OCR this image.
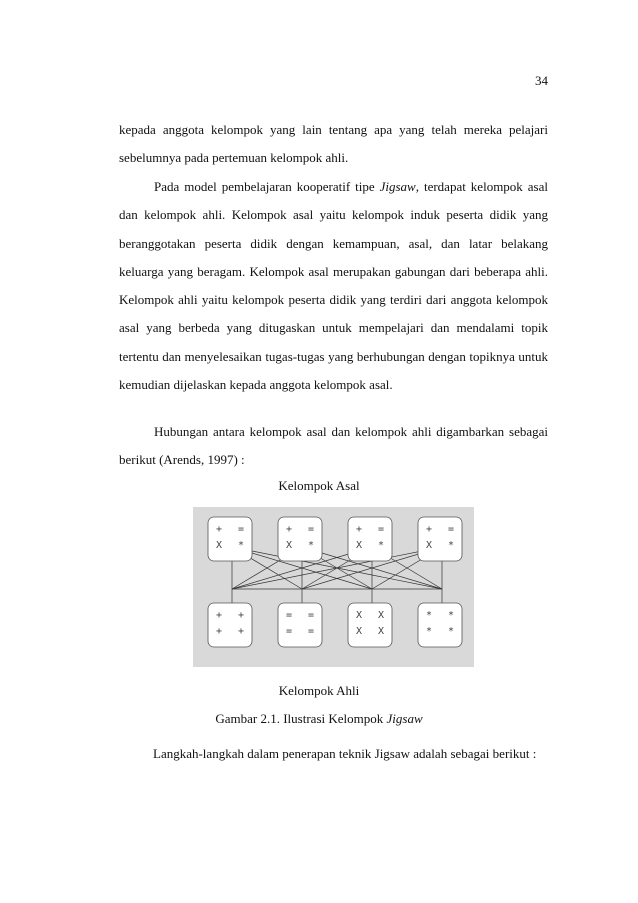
34
kepada anggota kelompok yang lain tentang apa yang telah mereka pelajari
sebelumnya pada pertemuan kelompok ahli.
Pada model pembelajaran kooperatif tipe Jigsaw, terdapat kelompok asal
dan kelompok ahli. Kelompok asal yaitu kelompok induk peserta didik yang
beranggotakan peserta didik dengan kemampuan, asal, dan latar belakang
keluarga yang beragam. Kelompok asal merupakan gabungan dari beberapa ahli.
Kelompok ahli yaitu kelompok peserta didik yang terdiri dari anggota kelompok
asal yang berbeda yang ditugaskan untuk mempelajari dan mendalami topik
tertentu dan menyelesaikan tugas-tugas yang berhubungan dengan topiknya untuk
kemudian dijelaskan kepada anggota kelompok asal.
Hubungan antara kelompok asal dan kelompok ahli digambarkan sebagai
berikut (Arends, 1997) :
Kelompok Asal
+ =
X *
+ =
X *
+ =
X *
+ =
X *
+ +
+ +
= =
= =
X X
X X
* *
* *
Kelompok Ahli
Gambar 2.1. Ilustrasi Kelompok Jigsaw
Langkah-langkah dalam penerapan teknik Jigsaw adalah sebagai berikut :
